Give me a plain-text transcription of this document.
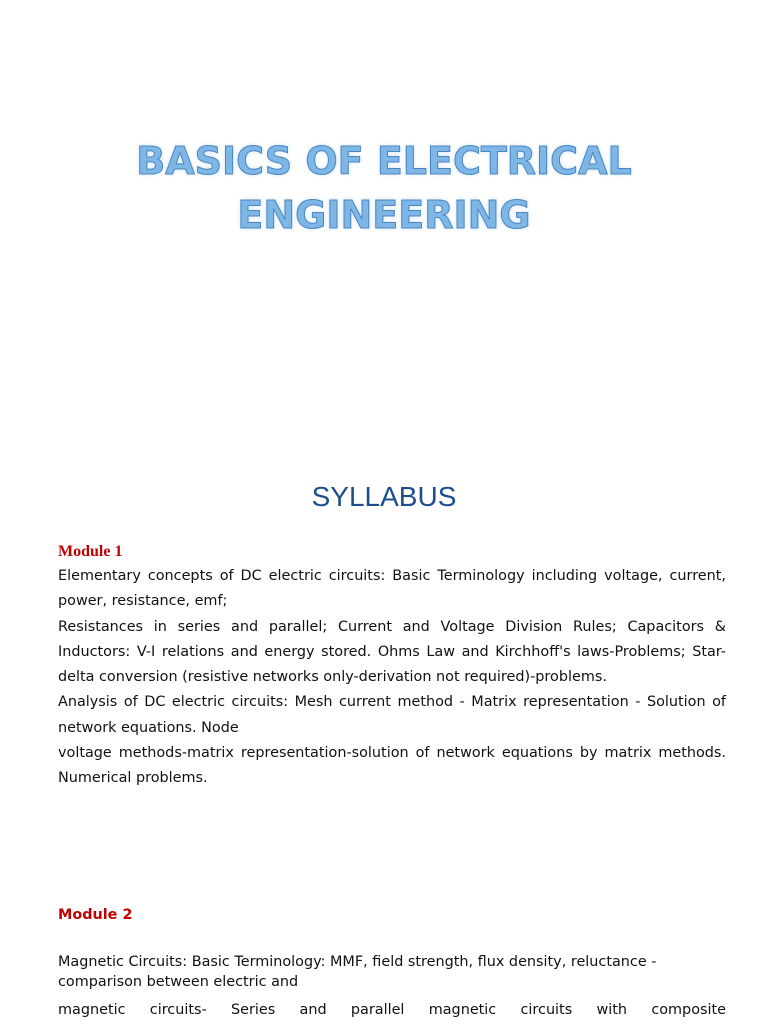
BASICS OF ELECTRICAL
ENGINEERING
SYLLABUS
Module 1
Elementary concepts of DC electric circuits: Basic Terminology including voltage, current, power, resistance, emf;
Resistances in series and parallel; Current and Voltage Division Rules; Capacitors & Inductors: V-I relations and energy stored. Ohms Law and Kirchhoff's laws-Problems; Star-delta conversion (resistive networks only-derivation not required)-problems.
Analysis of DC electric circuits: Mesh current method - Matrix representation - Solution of network equations. Node
voltage methods-matrix representation-solution of network equations by matrix methods. Numerical problems.
Module 2
Magnetic Circuits: Basic Terminology: MMF, field strength, flux density, reluctance - comparison between electric and
magnetic circuits- Series and parallel magnetic circuits with composite
